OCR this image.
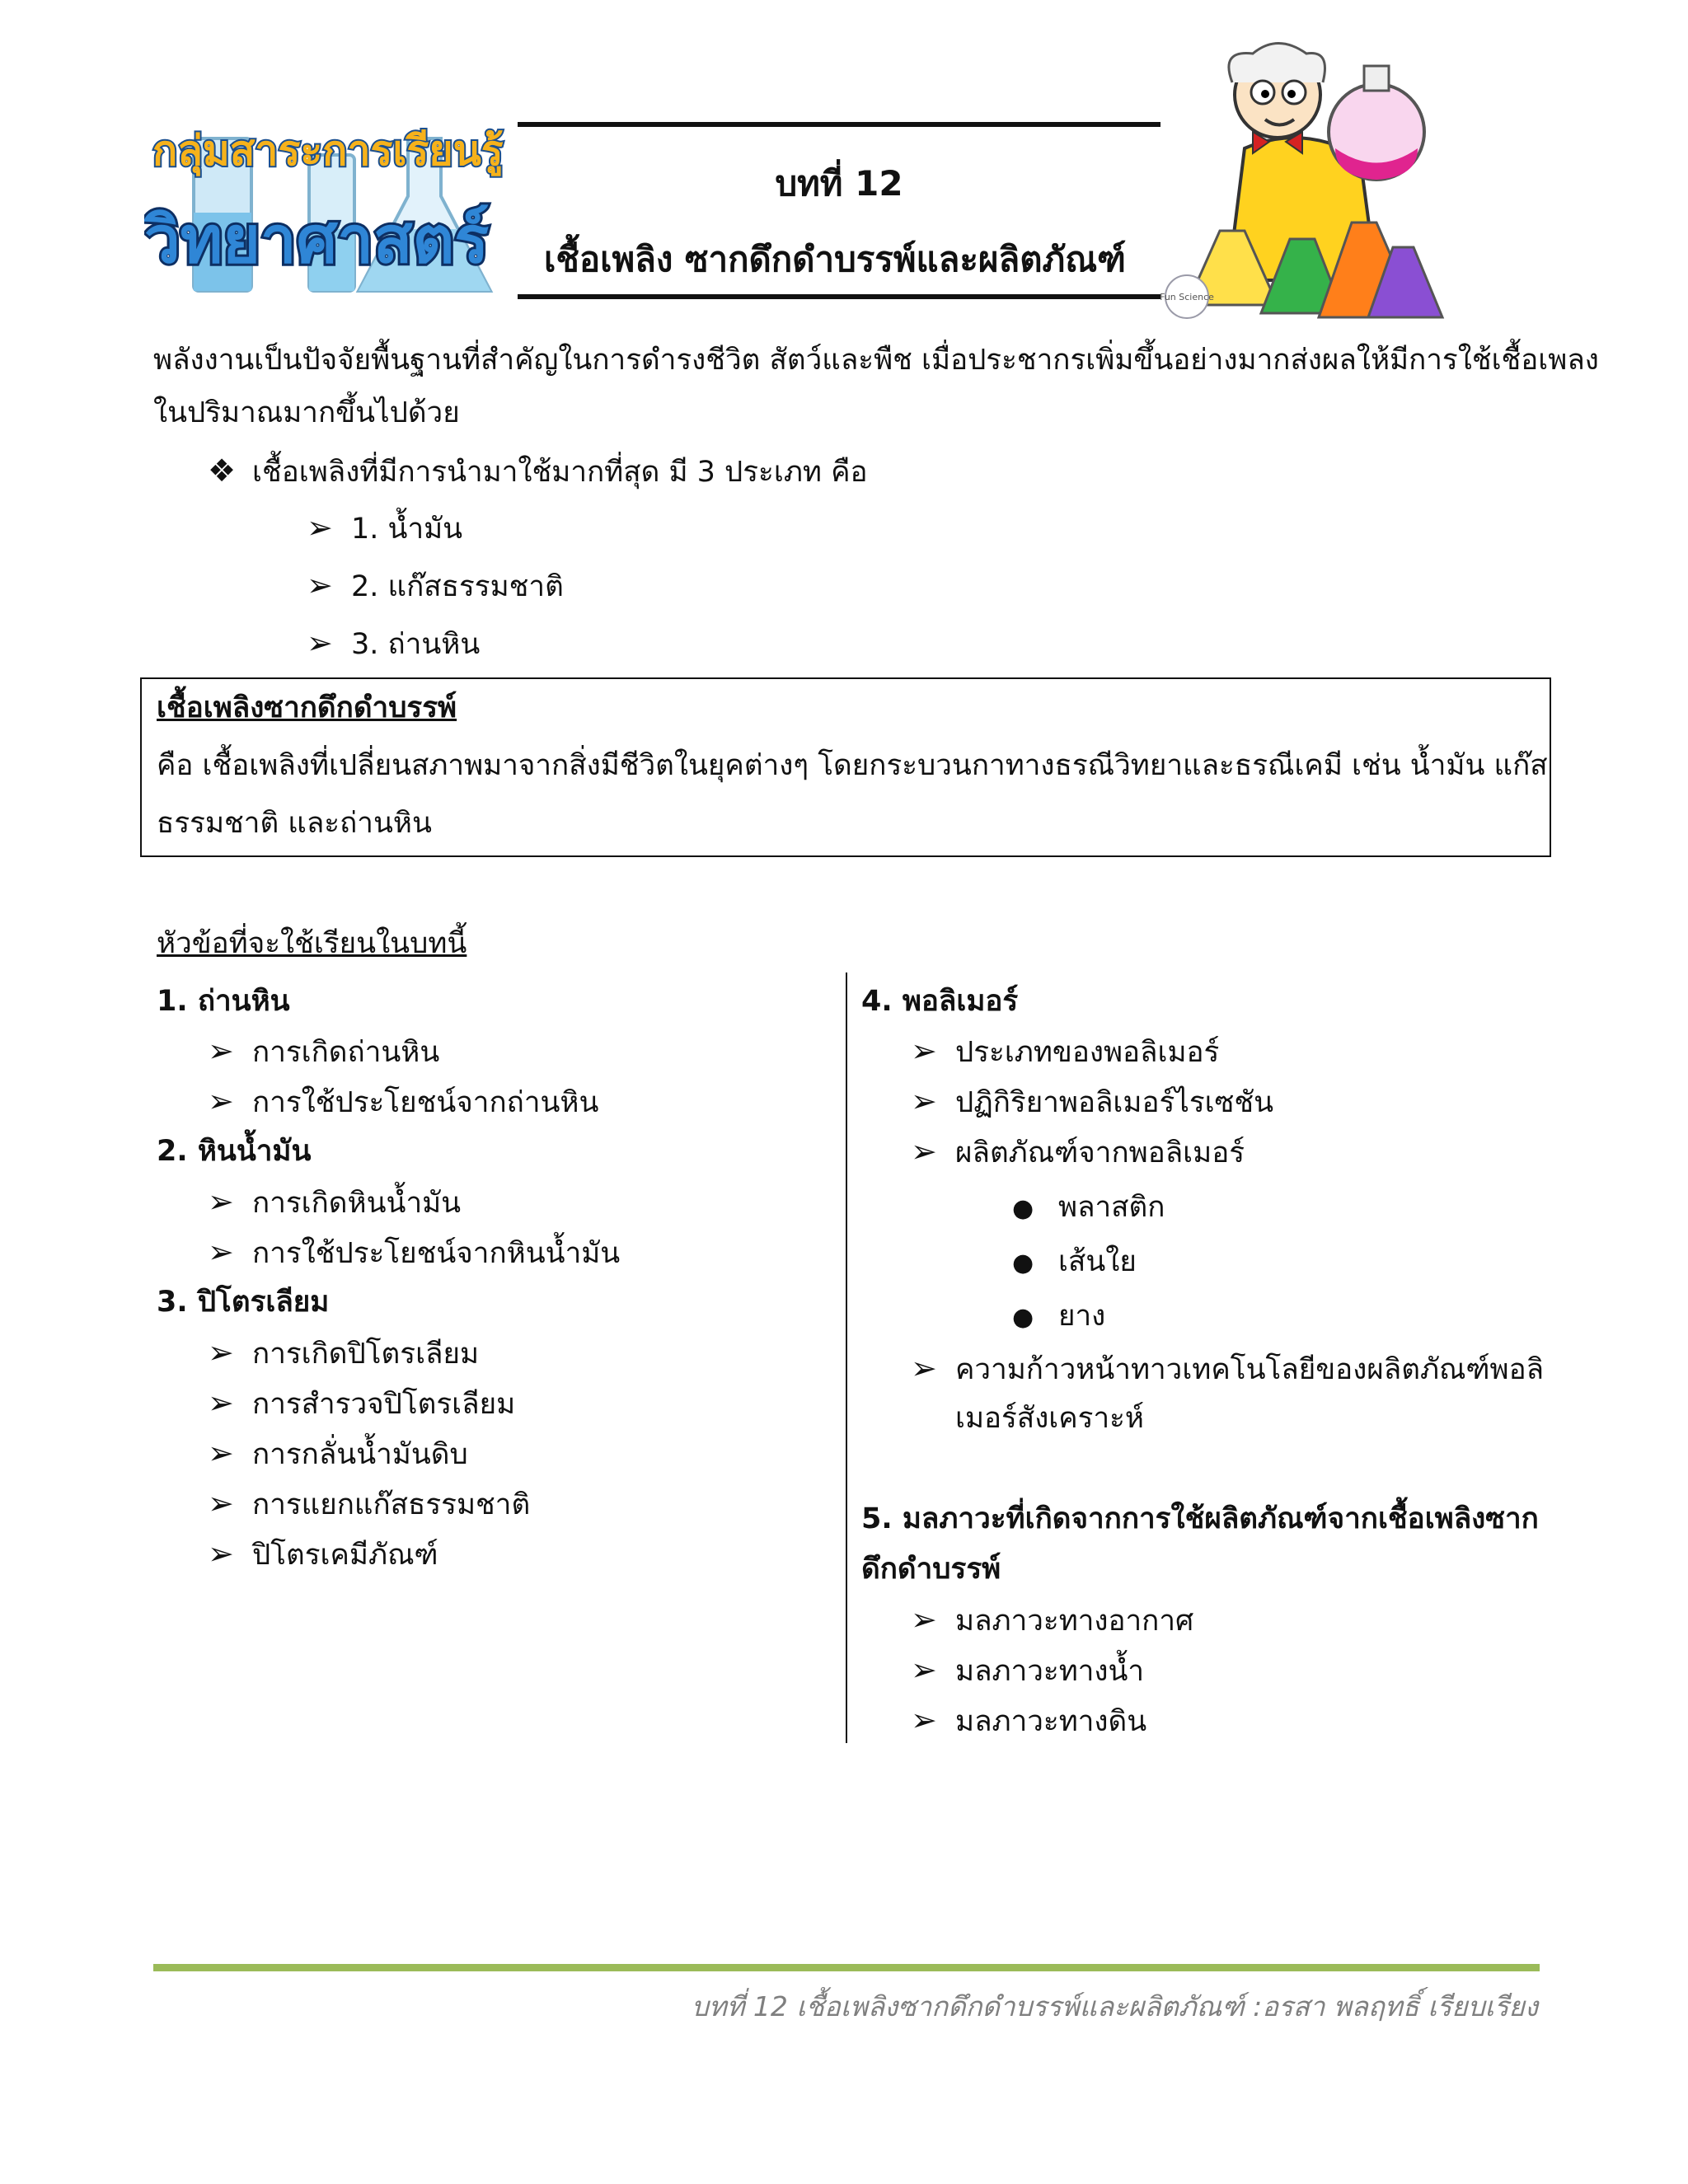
กลุ่มสาระการเรียนรู้
วิทยาศาสตร์
บทที่ 12
เชื้อเพลิง ซากดึกดำบรรพ์และผลิตภัณฑ์
Fun Science
พลังงานเป็นปัจจัยพื้นฐานที่สำคัญในการดำรงชีวิต สัตว์และพืช เมื่อประชากรเพิ่มขึ้นอย่างมากส่งผลให้มีการใช้เชื้อเพลง
ในปริมาณมากขึ้นไปด้วย
❖ เชื้อเพลิงที่มีการนำมาใช้มากที่สุด มี 3 ประเภท คือ
➢ 1. น้ำมัน
➢ 2. แก๊สธรรมชาติ
➢ 3. ถ่านหิน
เชื้อเพลิงซากดึกดำบรรพ์
คือ เชื้อเพลิงที่เปลี่ยนสภาพมาจากสิ่งมีชีวิตในยุคต่างๆ โดยกระบวนกาทางธรณีวิทยาและธรณีเคมี เช่น น้ำมัน แก๊ส
ธรรมชาติ และถ่านหิน
หัวข้อที่จะใช้เรียนในบทนี้
1. ถ่านหิน
➢ การเกิดถ่านหิน
➢ การใช้ประโยชน์จากถ่านหิน
2. หินน้ำมัน
➢ การเกิดหินน้ำมัน
➢ การใช้ประโยชน์จากหินน้ำมัน
3. ปิโตรเลียม
➢ การเกิดปิโตรเลียม
➢ การสำรวจปิโตรเลียม
➢ การกลั่นน้ำมันดิบ
➢ การแยกแก๊สธรรมชาติ
➢ ปิโตรเคมีภัณฑ์
4. พอลิเมอร์
➢ ประเภทของพอลิเมอร์
➢ ปฏิกิริยาพอลิเมอร์ไรเซชัน
➢ ผลิตภัณฑ์จากพอลิเมอร์
● พลาสติก
● เส้นใย
● ยาง
➢ ความก้าวหน้าทาวเทคโนโลยีของผลิตภัณฑ์พอลิ
เมอร์สังเคราะห์
5. มลภาวะที่เกิดจากการใช้ผลิตภัณฑ์จากเชื้อเพลิงซาก
ดึกดำบรรพ์
➢ มลภาวะทางอากาศ
➢ มลภาวะทางน้ำ
➢ มลภาวะทางดิน
บทที่ 12 เชื้อเพลิงซากดึกดำบรรพ์และผลิตภัณฑ์ :อรสา พลฤทธิ์ เรียบเรียง
